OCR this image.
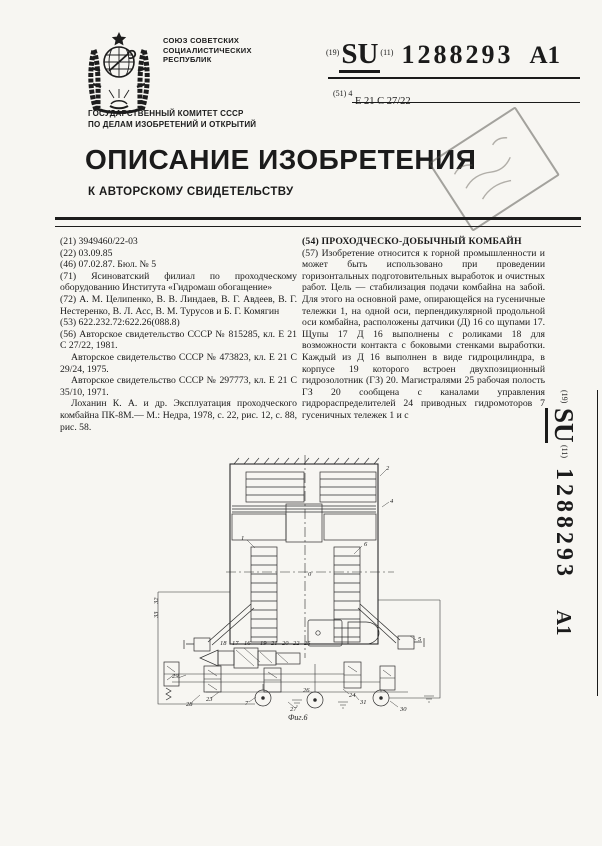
СОЮЗ СОВЕТСКИХ
СОЦИАЛИСТИЧЕСКИХ
РЕСПУБЛИК
$^{(19)}$SU $^{(11)}$ 1288293 А1
$^{(51) 4}$ E 21 C 27/22
ГОСУДАРСТВЕННЫЙ КОМИТЕТ СССР
ПО ДЕЛАМ ИЗОБРЕТЕНИЙ И ОТКРЫТИЙ
ОПИСАНИЕ ИЗОБРЕТЕНИЯ
К АВТОРСКОМУ СВИДЕТЕЛЬСТВУ

(21) 3949460/22-03

(22) 03.09.85

(46) 07.02.87. Бюл. № 5

(71) Ясиноватский филиал по проходческому оборудованию Института «Гидромаш обогащение»

(72) А. М. Целипенко, В. В. Линдаев, В. Г. Авдеев, В. Г. Нестеренко, В. Л. Асс, В. М. Турусов и Б. Г. Комягин

(53) 622.232.72:622.26(088.8)

(56) Авторское свидетельство СССР № 815285, кл. E 21 C 27/22, 1981.

Авторское свидетельство СССР № 473823, кл. E 21 C 29/24, 1975.

Авторское свидетельство СССР № 297773, кл. E 21 C 35/10, 1971.

Лоханин К. А. и др. Эксплуатация проходческого комбайна ПК-8М.— М.: Недра, 1978, с. 22, рис. 12, с. 88, рис. 58.

(54) ПРОХОДЧЕСКО-ДОБЫЧНЫЙ КОМБАЙН

(57) Изобретение относится к горной промышленности и может быть использовано при проведении горизонтальных подготовительных выработок и очистных работ. Цель — стабилизация подачи комбайна на забой. Для этого на основной раме, опирающейся на гусеничные тележки 1, на одной оси, перпендикулярной продольной оси комбайна, расположены датчики (Д) 16 со щупами 17. Щупы 17 Д 16 выполнены с роликами 18 для возможности контакта с боковыми стенками выработки. Каждый из Д 16 выполнен в виде гидроцилиндра, в корпусе 19 которого встроен двухпозиционный гидрозолотник (ГЗ) 20. Магистралями 25 рабочая полость ГЗ 20 сообщена с каналами управления гидрораспределителей 24 приводных гидромоторов 7 гусеничных тележек 1 и с

(19)SU(11)1288293А1
1
6
2
4
5
0
18 17 16 19 21 20 22 25
23
24
26
27
28
29
30
31
32
33
7
Фиг.6
